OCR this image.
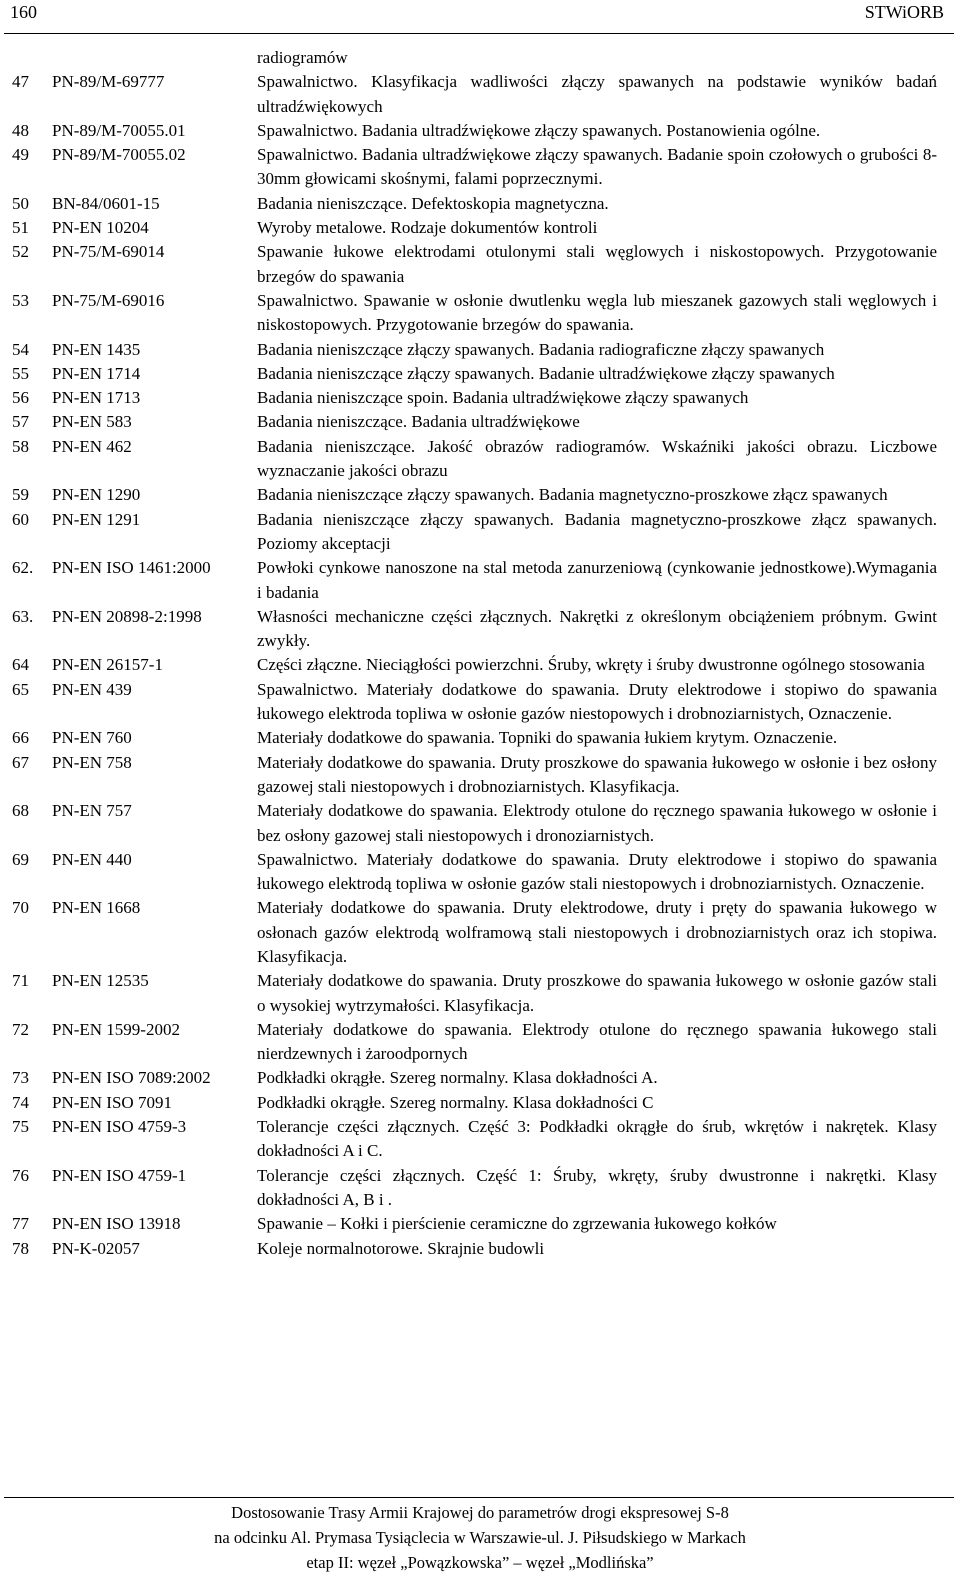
160	STWiORB
radiogramów
47	PN-89/M-69777	Spawalnictwo. Klasyfikacja wadliwości złączy spawanych na podstawie wyników badań ultradźwiękowych
48	PN-89/M-70055.01	Spawalnictwo. Badania ultradźwiękowe złączy spawanych. Postanowienia ogólne.
49	PN-89/M-70055.02	Spawalnictwo. Badania ultradźwiękowe złączy spawanych. Badanie spoin czołowych o grubości 8-30mm głowicami skośnymi, falami poprzecznymi.
50	BN-84/0601-15	Badania nieniszczące. Defektoskopia magnetyczna.
51	PN-EN 10204	Wyroby metalowe. Rodzaje dokumentów kontroli
52	PN-75/M-69014	Spawanie łukowe elektrodami otulonymi stali węglowych i niskostopowych. Przygotowanie brzegów do spawania
53	PN-75/M-69016	Spawalnictwo. Spawanie w osłonie dwutlenku węgla lub mieszanek gazowych stali węglowych i niskostopowych. Przygotowanie brzegów do spawania.
54	PN-EN 1435	Badania nieniszczące złączy spawanych. Badania radiograficzne złączy spawanych
55	PN-EN 1714	Badania nieniszczące złączy spawanych. Badanie ultradźwiękowe złączy spawanych
56	PN-EN 1713	Badania nieniszczące spoin. Badania ultradźwiękowe złączy spawanych
57	PN-EN 583	Badania nieniszczące. Badania ultradźwiękowe
58	PN-EN 462	Badania nieniszczące. Jakość obrazów radiogramów. Wskaźniki jakości obrazu. Liczbowe wyznaczanie jakości obrazu
59	PN-EN 1290	Badania nieniszczące złączy spawanych. Badania magnetyczno-proszkowe złącz spawanych
60	PN-EN 1291	Badania nieniszczące złączy spawanych. Badania magnetyczno-proszkowe złącz spawanych. Poziomy akceptacji
62.	PN-EN ISO 1461:2000	Powłoki cynkowe nanoszone na stal metoda zanurzeniową (cynkowanie jednostkowe).Wymagania i badania
63.	PN-EN 20898-2:1998	Własności mechaniczne części złącznych. Nakrętki z określonym obciążeniem próbnym. Gwint zwykły.
64	PN-EN 26157-1	Części złączne. Nieciągłości powierzchni. Śruby, wkręty i śruby dwustronne ogólnego stosowania
65	PN-EN 439	Spawalnictwo. Materiały dodatkowe do spawania. Druty elektrodowe i stopiwo do spawania łukowego elektroda topliwa w osłonie gazów niestopowych i drobnoziarnistych, Oznaczenie.
66	PN-EN 760	Materiały dodatkowe do spawania. Topniki do spawania łukiem krytym. Oznaczenie.
67	PN-EN 758	Materiały dodatkowe do spawania. Druty proszkowe do spawania łukowego w osłonie i bez osłony gazowej stali niestopowych i drobnoziarnistych. Klasyfikacja.
68	PN-EN 757	Materiały dodatkowe do spawania. Elektrody otulone do ręcznego spawania łukowego w osłonie i bez osłony gazowej stali niestopowych i dronoziarnistych.
69	PN-EN 440	Spawalnictwo. Materiały dodatkowe do spawania. Druty elektrodowe i stopiwo do spawania łukowego elektrodą topliwa w osłonie gazów stali niestopowych i drobnoziarnistych. Oznaczenie.
70	PN-EN 1668	Materiały dodatkowe do spawania. Druty elektrodowe, druty i pręty do spawania łukowego w osłonach gazów elektrodą wolframową stali niestopowych i drobnoziarnistych oraz ich stopiwa. Klasyfikacja.
71	PN-EN 12535	Materiały dodatkowe do spawania. Druty proszkowe do spawania łukowego w osłonie gazów stali o wysokiej wytrzymałości. Klasyfikacja.
72	PN-EN 1599-2002	Materiały dodatkowe do spawania. Elektrody otulone do ręcznego spawania łukowego stali nierdzewnych i żaroodpornych
73	PN-EN ISO 7089:2002	Podkładki okrągłe. Szereg normalny. Klasa dokładności A.
74	PN-EN ISO 7091	Podkładki okrągłe. Szereg normalny. Klasa dokładności C
75	PN-EN ISO 4759-3	Tolerancje części złącznych. Część 3: Podkładki okrągłe do śrub, wkrętów i nakrętek. Klasy dokładności A i C.
76	PN-EN ISO 4759-1	Tolerancje części złącznych. Część 1: Śruby, wkręty, śruby dwustronne i nakrętki. Klasy dokładności A, B i .
77	PN-EN ISO 13918	Spawanie – Kołki i pierścienie ceramiczne do zgrzewania łukowego kołków
78	PN-K-02057	Koleje normalnotorowe. Skrajnie budowli
Dostosowanie Trasy Armii Krajowej do parametrów drogi ekspresowej S-8
na odcinku Al. Prymasa Tysiąclecia w Warszawie-ul. J. Piłsudskiego w Markach
etap II: węzeł „Powązkowska” – węzeł „Modlińska”
